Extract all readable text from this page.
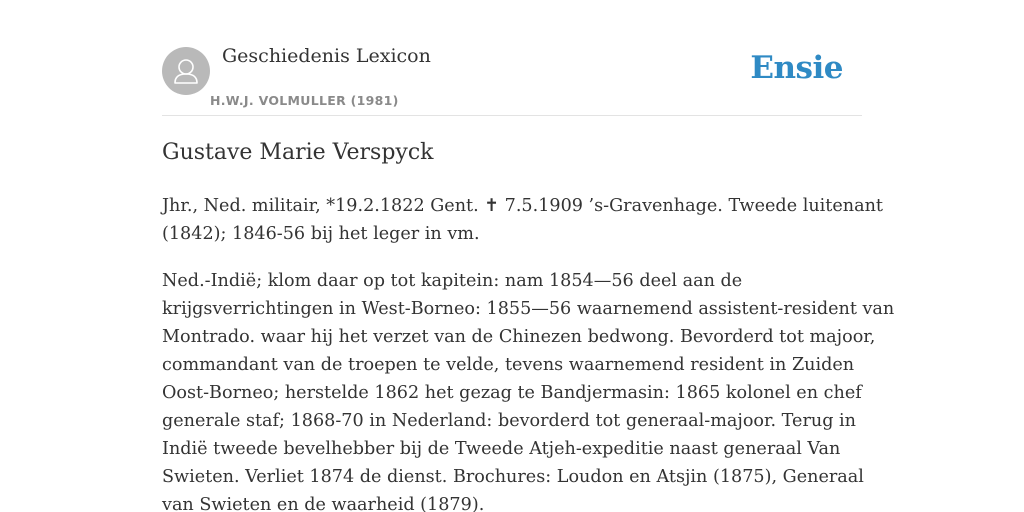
Geschiedenis Lexicon
H.W.J. VOLMULLER (1981)
Ensie
Gustave Marie Verspyck

Jhr., Ned. militair, *19.2.1822 Gent. ✝ 7.5.1909 ’s-Gravenhage. Tweede luitenant
(1842); 1846-56 bij het leger in vm.

Ned.-Indië; klom daar op tot kapitein: nam 1854—56 deel aan de
krijgsverrichtingen in West-Borneo: 1855—56 waarnemend assistent-resident van
Montrado. waar hij het verzet van de Chinezen bedwong. Bevorderd tot majoor,
commandant van de troepen te velde, tevens waarnemend resident in Zuiden
Oost-Borneo; herstelde 1862 het gezag te Bandjermasin: 1865 kolonel en chef
generale staf; 1868-70 in Nederland: bevorderd tot generaal-majoor. Terug in
Indië tweede bevelhebber bij de Tweede Atjeh-expeditie naast generaal Van
Swieten. Verliet 1874 de dienst. Brochures: Loudon en Atsjin (1875), Generaal
van Swieten en de waarheid (1879).
